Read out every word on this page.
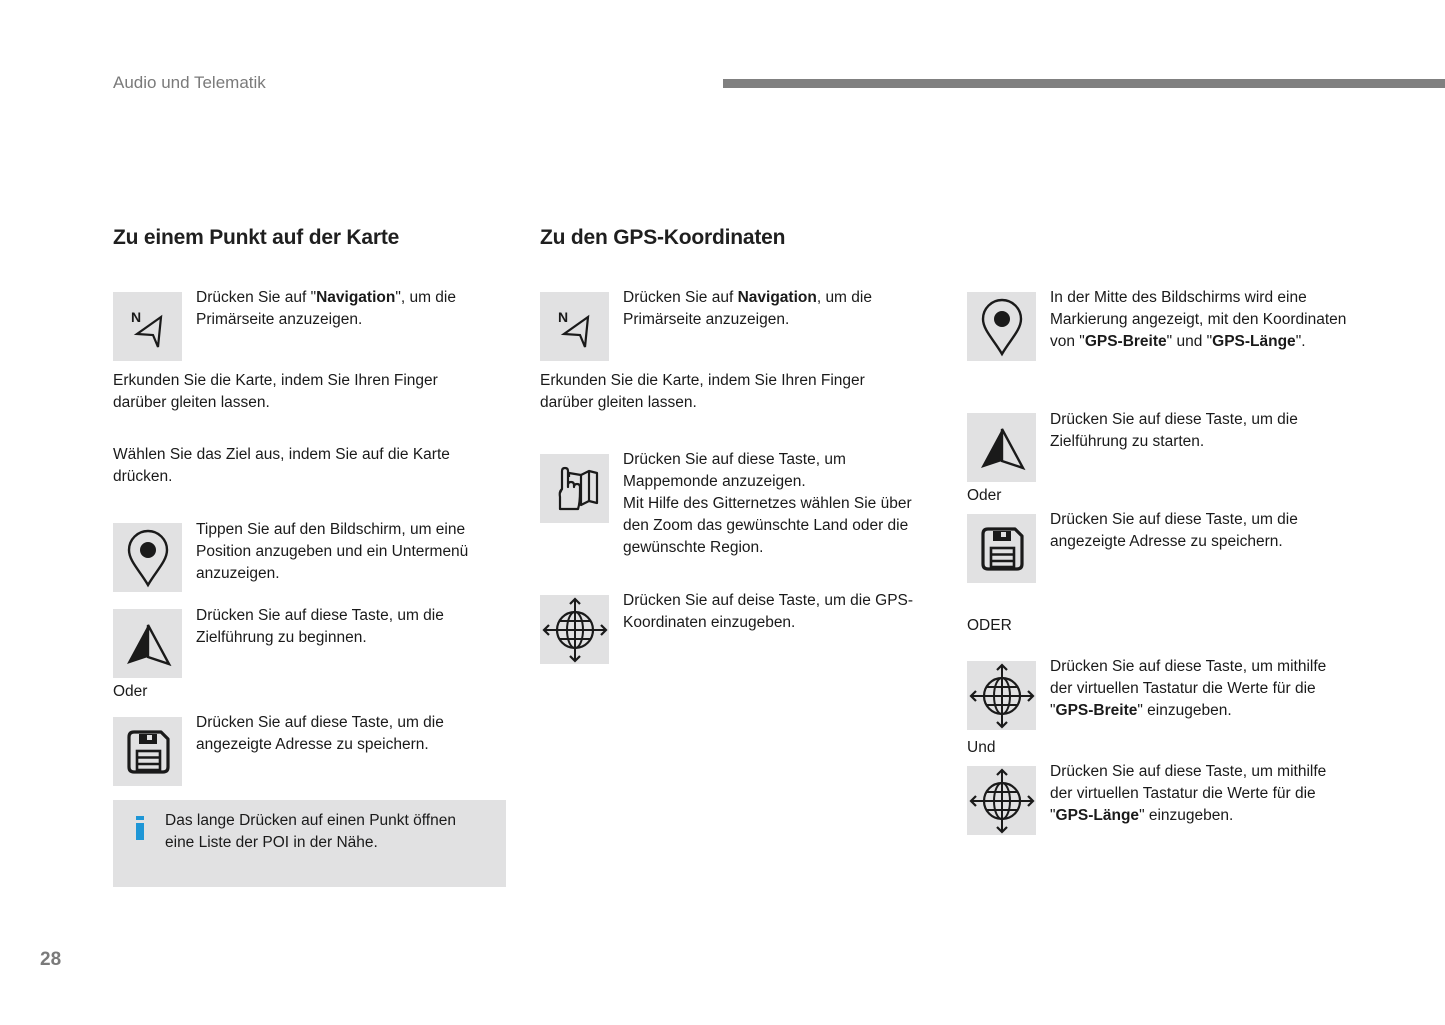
Audio und Telematik
Zu einem Punkt auf der Karte
N
Drücken Sie auf "Navigation", um die Primärseite anzuzeigen.
Erkunden Sie die Karte, indem Sie Ihren Finger darüber gleiten lassen.
Wählen Sie das Ziel aus, indem Sie auf die Karte drücken.
Tippen Sie auf den Bildschirm, um eine Position anzugeben und ein Untermenü anzuzeigen.
Drücken Sie auf diese Taste, um die Zielführung zu beginnen.
Oder
Drücken Sie auf diese Taste, um die angezeigte Adresse zu speichern.
Das lange Drücken auf einen Punkt öffnen eine Liste der POI in der Nähe.
Zu den GPS-Koordinaten
N
Drücken Sie auf Navigation, um die Primärseite anzuzeigen.
Erkunden Sie die Karte, indem Sie Ihren Finger darüber gleiten lassen.
Drücken Sie auf diese Taste, um Mappemonde anzuzeigen.
Mit Hilfe des Gitternetzes wählen Sie über den Zoom das gewünschte Land oder die gewünschte Region.
Drücken Sie auf deise Taste, um die GPS-Koordinaten einzugeben.
In der Mitte des Bildschirms wird eine Markierung angezeigt, mit den Koordinaten von "GPS-Breite" und "GPS-Länge".
Drücken Sie auf diese Taste, um die Zielführung zu starten.
Oder
Drücken Sie auf diese Taste, um die angezeigte Adresse zu speichern.
ODER
Drücken Sie auf diese Taste, um mithilfe der virtuellen Tastatur die Werte für die "GPS-Breite" einzugeben.
Und
Drücken Sie auf diese Taste, um mithilfe der virtuellen Tastatur die Werte für die "GPS-Länge" einzugeben.
28
